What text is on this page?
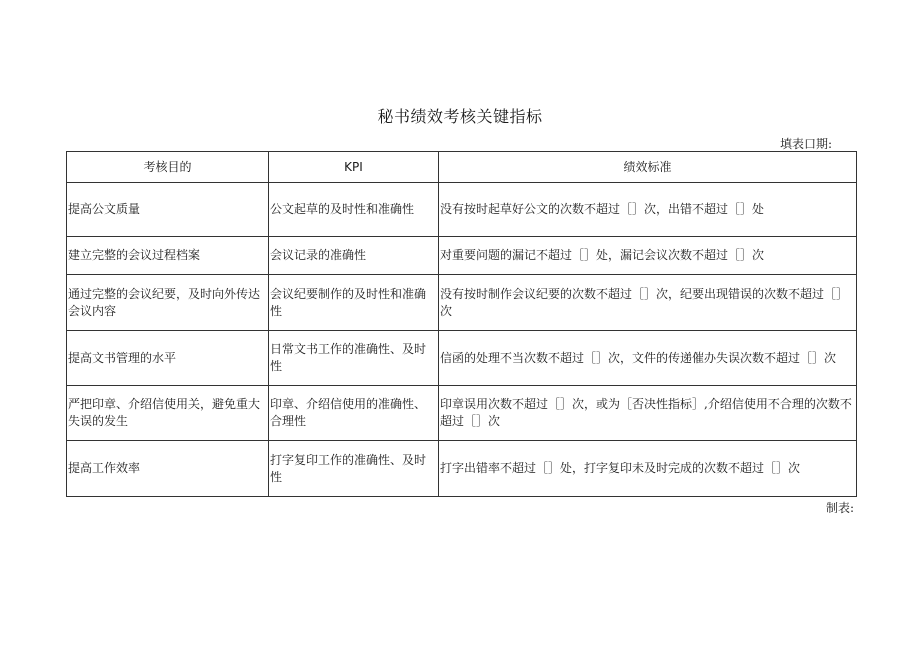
秘书绩效考核关键指标
填表口期:
考核目的	KPI	绩效标准
提高公文质量	公文起草的及时性和准确性	没有按时起草好公文的次数不超过［］次，出错不超过［］处
建立完整的会议过程档案	会议记录的准确性	对重要问题的漏记不超过［］处，漏记会议次数不超过［］次
通过完整的会议纪要，及时向外传达会议内容	会议纪要制作的及时性和准确性	没有按时制作会议纪要的次数不超过［］次，纪要出现错误的次数不超过［］次
提高文书管理的水平	日常文书工作的准确性、及时性	信函的处理不当次数不超过［］次，文件的传递催办失误次数不超过［］次
严把印章、介绍信使用关，避免重大失误的发生	印章、介绍信使用的准确性、合理性	印章误用次数不超过［］次，或为［否决性指标］,介绍信使用不合理的次数不超过［］次
提高工作效率	打字复印工作的准确性、及时性	打字出错率不超过［］处，打字复印未及时完成的次数不超过［］次
制表:
